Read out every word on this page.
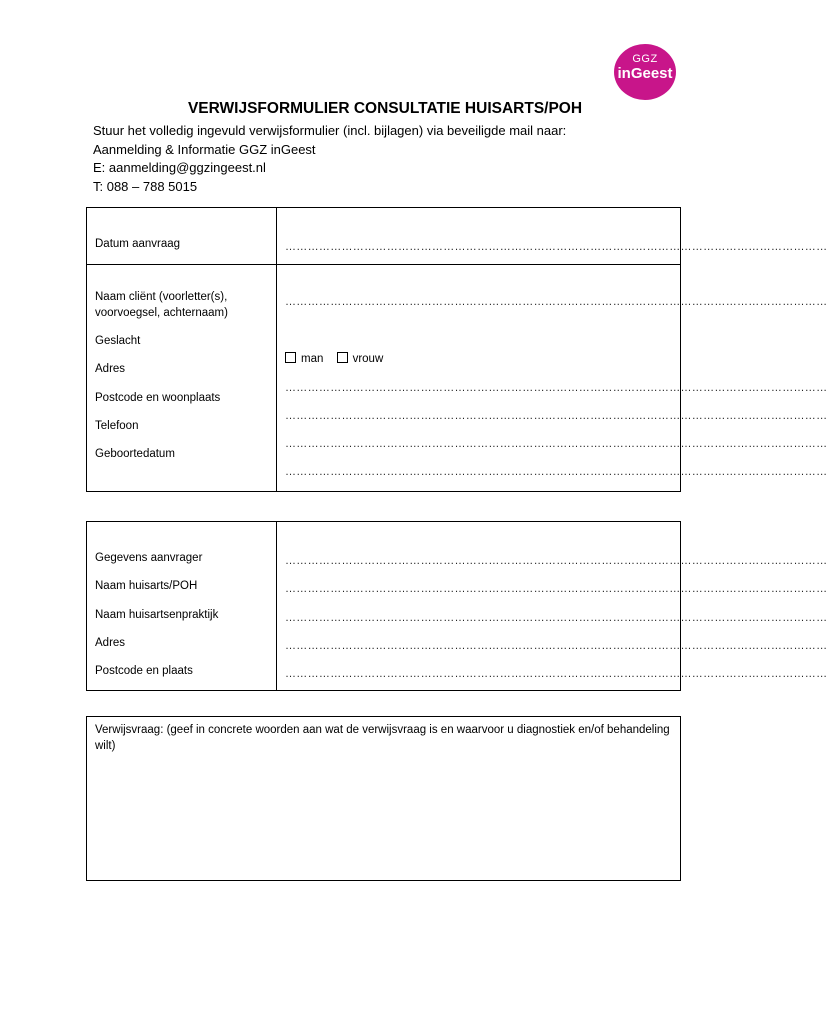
GGZ
inGeest
VERWIJSFORMULIER CONSULTATIE HUISARTS/POH
Stuur het volledig ingevuld verwijsformulier (incl. bijlagen) via beveiligde mail naar:
Aanmelding & Informatie GGZ inGeest
E: aanmelding@ggzingeest.nl
T: 088 – 788 5015
Datum aanvraag	………………………………………………………………………………………………………………………………
Naam cliënt (voorletter(s),
voorvoegsel, achternaam)
………………………………………………………………………………………………………………………………
Geslacht
man	vrouw
Adres
………………………………………………………………………………………………………………………………
Postcode en woonplaats
………………………………………………………………………………………………………………………………
Telefoon
………………………………………………………………………………………………………………………………
Geboortedatum
………………………………………………………………………………………………………………………………
Gegevens aanvrager	………………………………………………………………………………………………………………………………
Naam huisarts/POH	………………………………………………………………………………………………………………………………
Naam huisartsenpraktijk	………………………………………………………………………………………………………………………………
Adres	………………………………………………………………………………………………………………………………
Postcode en plaats	………………………………………………………………………………………………………………………………
Verwijsvraag: (geef in concrete woorden aan wat de verwijsvraag is en waarvoor u diagnostiek en/of behandeling wilt)
